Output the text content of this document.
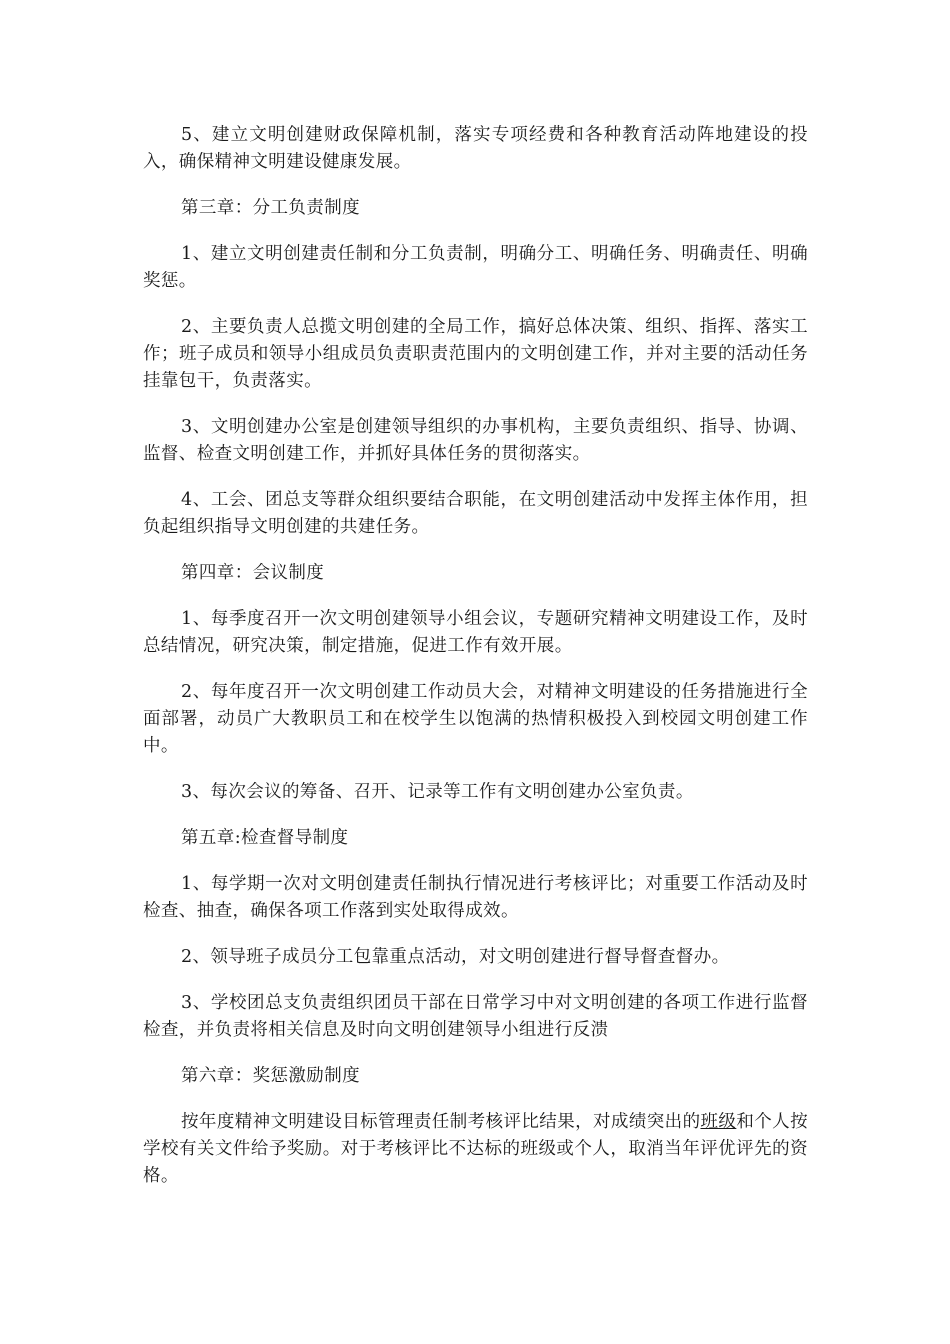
5、建立文明创建财政保障机制，落实专项经费和各种教育活动阵地建设的投入，确保精神文明建设健康发展。

第三章：分工负责制度

1、建立文明创建责任制和分工负责制，明确分工、明确任务、明确责任、明确奖惩。

2、主要负责人总揽文明创建的全局工作，搞好总体决策、组织、指挥、落实工作；班子成员和领导小组成员负责职责范围内的文明创建工作，并对主要的活动任务挂靠包干，负责落实。

3、文明创建办公室是创建领导组织的办事机构，主要负责组织、指导、协调、监督、检查文明创建工作，并抓好具体任务的贯彻落实。

4、工会、团总支等群众组织要结合职能，在文明创建活动中发挥主体作用，担负起组织指导文明创建的共建任务。

第四章：会议制度

1、每季度召开一次文明创建领导小组会议，专题研究精神文明建设工作，及时总结情况，研究决策，制定措施，促进工作有效开展。

2、每年度召开一次文明创建工作动员大会，对精神文明建设的任务措施进行全面部署，动员广大教职员工和在校学生以饱满的热情积极投入到校园文明创建工作中。

3、每次会议的筹备、召开、记录等工作有文明创建办公室负责。

第五章:检查督导制度

1、每学期一次对文明创建责任制执行情况进行考核评比；对重要工作活动及时检查、抽查，确保各项工作落到实处取得成效。

2、领导班子成员分工包靠重点活动，对文明创建进行督导督查督办。

3、学校团总支负责组织团员干部在日常学习中对文明创建的各项工作进行监督检查，并负责将相关信息及时向文明创建领导小组进行反溃

第六章：奖惩激励制度

按年度精神文明建设目标管理责任制考核评比结果，对成绩突出的班级和个人按学校有关文件给予奖励。对于考核评比不达标的班级或个人，取消当年评优评先的资格。
